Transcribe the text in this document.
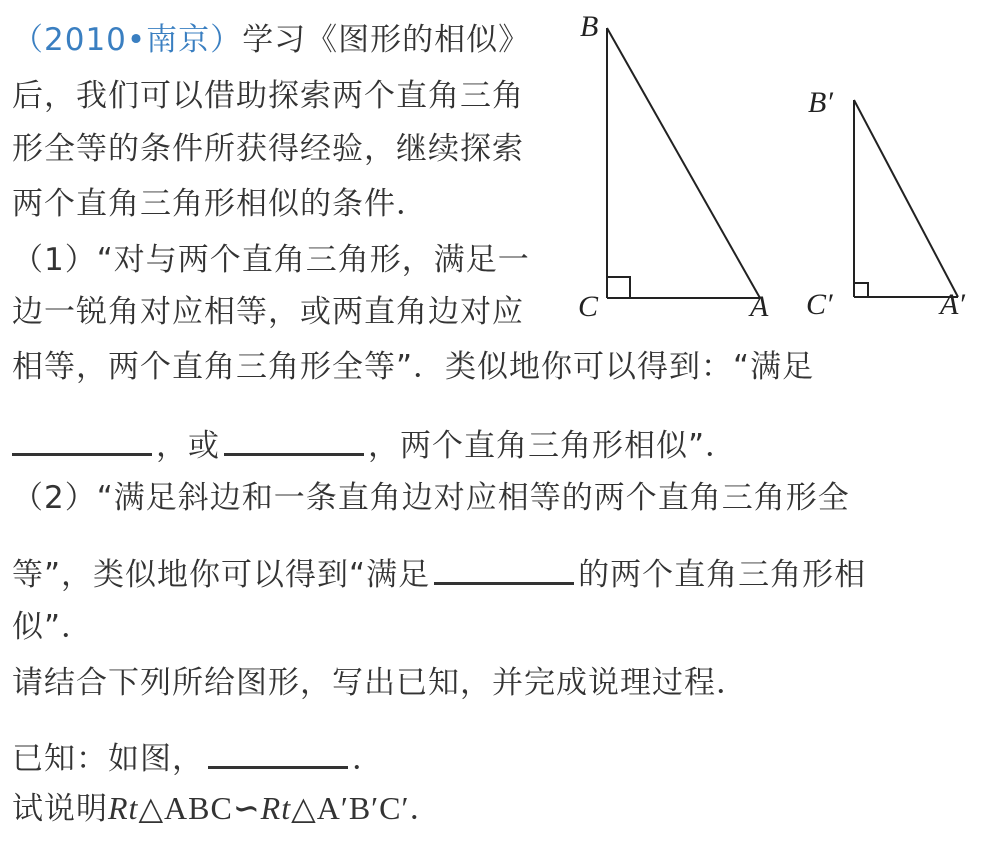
（2010•南京）学习《图形的相似》
后，我们可以借助探索两个直角三角
形全等的条件所获得经验，继续探索
两个直角三角形相似的条件．
（1）“对与两个直角三角形，满足一
边一锐角对应相等，或两直角边对应
相等，两个直角三角形全等”．类似地你可以得到：“满足
，或	，两个直角三角形相似”．
（2）“满足斜边和一条直角边对应相等的两个直角三角形全
等”，类似地你可以得到“满足	的两个直角三角形相
似”．
请结合下列所给图形，写出已知，并完成说理过程．
已知：如图，	．
试说明Rt△ABC∽Rt△A′B′C′．
B
C	A
B′
C′	A′
